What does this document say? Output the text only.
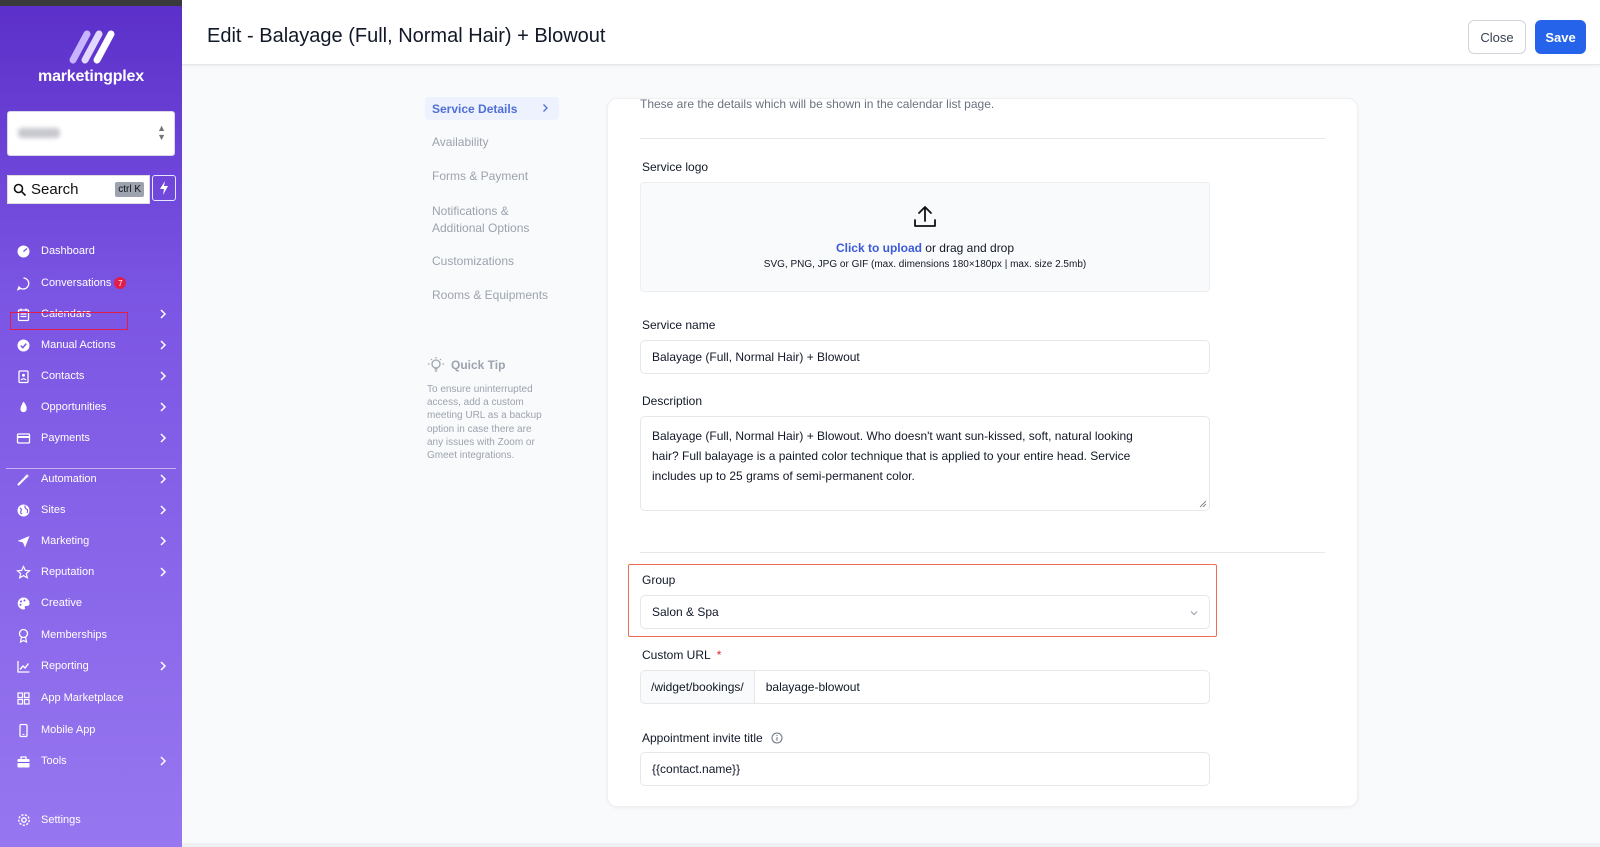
marketingplex
▲
▼
Search	ctrl K
Dashboard
Conversations 7
Calendars
Manual Actions
Contacts
Opportunities
Payments
Automation
Sites
Marketing
Reputation
Creative
Memberships
Reporting
App Marketplace
Mobile App
Tools
Settings
Edit - Balayage (Full, Normal Hair) + Blowout	Close	Save
Service Details
Availability
Forms & Payment
Notifications &
Additional Options
Customizations
Rooms & Equipments
Quick Tip
To ensure uninterrupted
access, add a custom
meeting URL as a backup
option in case there are
any issues with Zoom or
Gmeet integrations.
These are the details which will be shown in the calendar list page.
Service logo
Click to upload or drag and drop
SVG, PNG, JPG or GIF (max. dimensions 180×180px | max. size 2.5mb)
Service name
Balayage (Full, Normal Hair) + Blowout
Description
Balayage (Full, Normal Hair) + Blowout. Who doesn't want sun-kissed, soft, natural looking
hair? Full balayage is a painted color technique that is applied to your entire head. Service
includes up to 25 grams of semi-permanent color.
Group
Salon & Spa
Custom URL *
/widget/bookings/	balayage-blowout
Appointment invite title
{{contact.name}}
